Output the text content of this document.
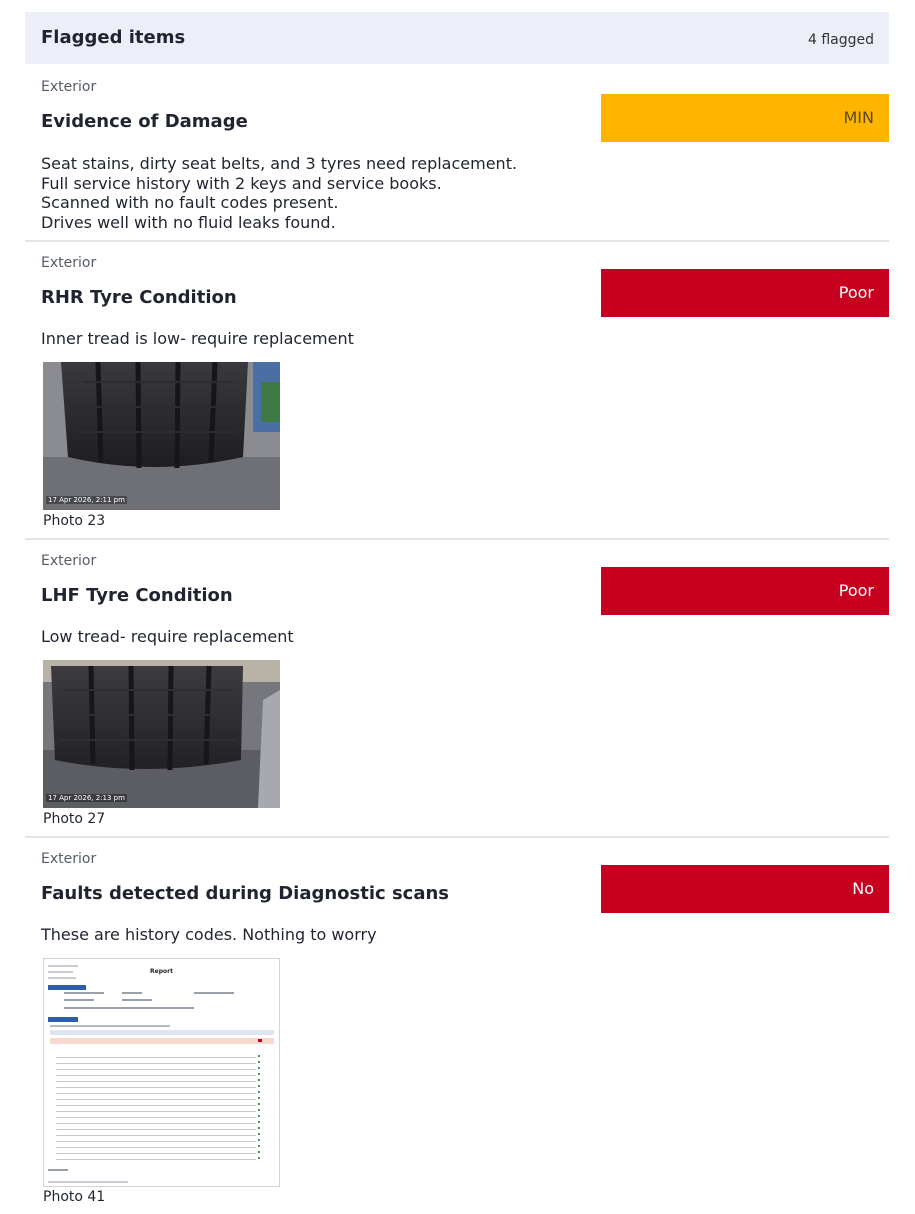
Flagged items	4 flagged
Exterior
Evidence of Damage	MIN
Seat stains, dirty seat belts, and 3 tyres need replacement.
Full service history with 2 keys and service books.
Scanned with no fault codes present.
Drives well with no fluid leaks found.
Exterior
RHR Tyre Condition	Poor
Inner tread is low- require replacement
17 Apr 2026, 2:11 pm
Photo 23
Exterior
LHF Tyre Condition	Poor
Low tread- require replacement
17 Apr 2026, 2:13 pm
Photo 27
Exterior
Faults detected during Diagnostic scans	No
These are history codes. Nothing to worry
Report
Photo 41
